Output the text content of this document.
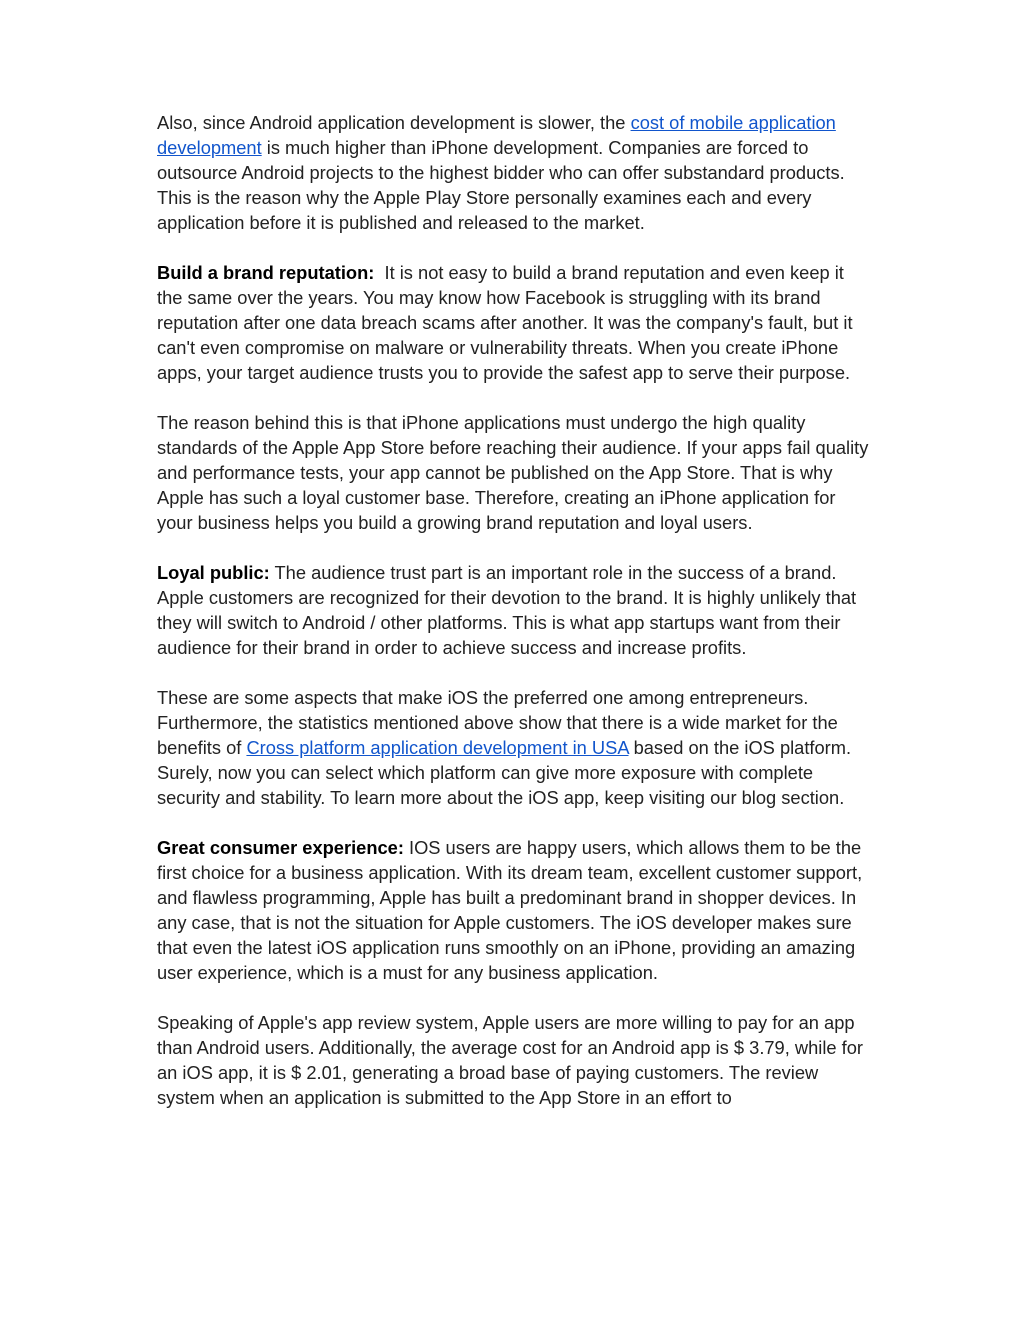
Also, since Android application development is slower, the cost of mobile application development is much higher than iPhone development. Companies are forced to outsource Android projects to the highest bidder who can offer substandard products. This is the reason why the Apple Play Store personally examines each and every application before it is published and released to the market.

Build a brand reputation:  It is not easy to build a brand reputation and even keep it the same over the years. You may know how Facebook is struggling with its brand reputation after one data breach scams after another. It was the company's fault, but it can't even compromise on malware or vulnerability threats. When you create iPhone apps, your target audience trusts you to provide the safest app to serve their purpose.

The reason behind this is that iPhone applications must undergo the high quality standards of the Apple App Store before reaching their audience. If your apps fail quality and performance tests, your app cannot be published on the App Store. That is why Apple has such a loyal customer base. Therefore, creating an iPhone application for your business helps you build a growing brand reputation and loyal users.

Loyal public: The audience trust part is an important role in the success of a brand. Apple customers are recognized for their devotion to the brand. It is highly unlikely that they will switch to Android / other platforms. This is what app startups want from their audience for their brand in order to achieve success and increase profits.

These are some aspects that make iOS the preferred one among entrepreneurs. Furthermore, the statistics mentioned above show that there is a wide market for the benefits of Cross platform application development in USA based on the iOS platform. Surely, now you can select which platform can give more exposure with complete security and stability. To learn more about the iOS app, keep visiting our blog section.

Great consumer experience: IOS users are happy users, which allows them to be the first choice for a business application. With its dream team, excellent customer support, and flawless programming, Apple has built a predominant brand in shopper devices. In any case, that is not the situation for Apple customers. The iOS developer makes sure that even the latest iOS application runs smoothly on an iPhone, providing an amazing user experience, which is a must for any business application.

Speaking of Apple's app review system, Apple users are more willing to pay for an app than Android users. Additionally, the average cost for an Android app is $ 3.79, while for an iOS app, it is $ 2.01, generating a broad base of paying customers. The review system when an application is submitted to the App Store in an effort to
